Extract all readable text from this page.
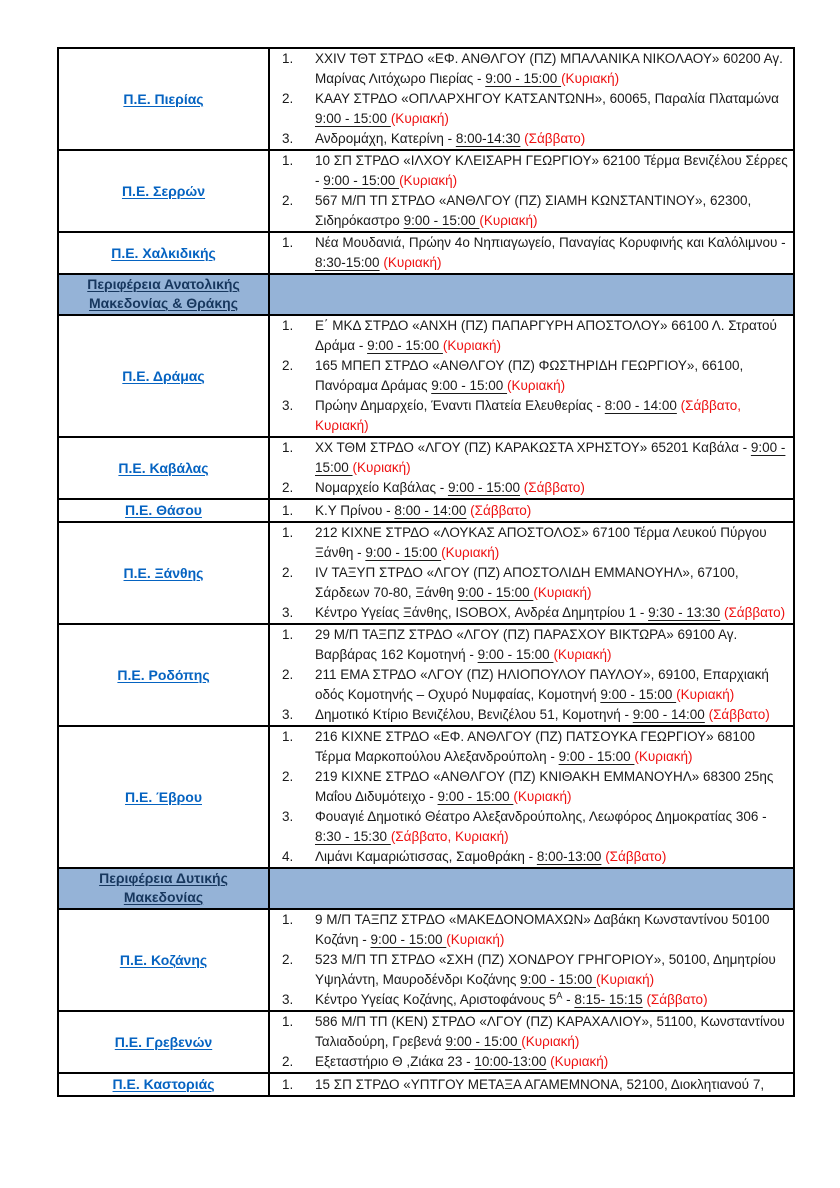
Π.Ε. Πιερίας	
1.	XXIV ΤΘΤ ΣΤΡΔΟ «ΕΦ. ΑΝΘΛΓΟΥ (ΠΖ) ΜΠΑΛΑΝΙΚΑ ΝΙΚΟΛΑΟΥ» 60200 Αγ. Μαρίνας Λιτόχωρο Πιερίας - 9:00 - 15:00 (Κυριακή)
2.	ΚΑΑΥ ΣΤΡΔΟ «ΟΠΛΑΡΧΗΓΟΥ ΚΑΤΣΑΝΤΩΝΗ», 60065, Παραλία Πλαταμώνα 9:00 - 15:00 (Κυριακή)
3.	Ανδρομάχη, Κατερίνη - 8:00-14:30 (Σάββατο)

Π.Ε. Σερρών	1. 10 ΣΠ ΣΤΡΔΟ «ΙΛΧΟΥ ΚΛΕΙΣΑΡΗ ΓΕΩΡΓΙΟΥ» 62100 Τέρμα Βενιζέλου Σέρρες - 9:00 - 15:00 (Κυριακή)
2. 567 Μ/Π ΤΠ ΣΤΡΔΟ «ΑΝΘΛΓΟΥ (ΠΖ) ΣΙΑΜΗ ΚΩΝΣΤΑΝΤΙΝΟΥ», 62300, Σιδηρόκαστρο 9:00 - 15:00 (Κυριακή)

Π.Ε. Χαλκιδικής	1. Νέα Μουδανιά, Πρώην 4ο Νηπιαγωγείο, Παναγίας Κορυφινής και Καλόλιμνου - 8:30-15:00 (Κυριακή)

Περιφέρεια Ανατολικής Μακεδονίας & Θράκης	
Π.Ε. Δράμας	
1.	Ε΄ ΜΚΔ ΣΤΡΔΟ «ΑΝΧΗ (ΠΖ) ΠΑΠΑΡΓΥΡΗ ΑΠΟΣΤΟΛΟΥ» 66100 Λ. Στρατού Δράμα - 9:00 - 15:00 (Κυριακή)
2.	165 ΜΠΕΠ ΣΤΡΔΟ «ΑΝΘΛΓΟΥ (ΠΖ) ΦΩΣΤΗΡΙΔΗ ΓΕΩΡΓΙΟΥ», 66100, Πανόραμα Δράμας 9:00 - 15:00 (Κυριακή)
3.	Πρώην Δημαρχείο, Έναντι Πλατεία Ελευθερίας - 8:00 - 14:00 (Σάββατο, Κυριακή)

Π.Ε. Καβάλας	1. ΧΧ ΤΘΜ ΣΤΡΔΟ «ΛΓΟΥ (ΠΖ) ΚΑΡΑΚΩΣΤΑ ΧΡΗΣΤΟΥ» 65201 Καβάλα - 9:00 - 15:00 (Κυριακή)
2. Νομαρχείο Καβάλας - 9:00 - 15:00 (Σάββατο)

Π.Ε. Θάσου	1. Κ.Υ Πρίνου - 8:00 - 14:00 (Σάββατο)

Π.Ε. Ξάνθης	
1.	212 ΚΙΧΝΕ ΣΤΡΔΟ «ΛΟΥΚΑΣ ΑΠΟΣΤΟΛΟΣ» 67100 Τέρμα Λευκού Πύργου Ξάνθη - 9:00 - 15:00 (Κυριακή)
2.	IV ΤΑΞΥΠ ΣΤΡΔΟ «ΛΓΟΥ (ΠΖ) ΑΠΟΣΤΟΛΙΔΗ ΕΜΜΑΝΟΥΗΛ», 67100, Σάρδεων 70-80, Ξάνθη 9:00 - 15:00 (Κυριακή)
3.	Κέντρο Υγείας Ξάνθης, ISOBOX, Ανδρέα Δημητρίου 1 - 9:30 - 13:30 (Σάββατο)

Π.Ε. Ροδόπης	
1.	29 Μ/Π ΤΑΞΠΖ ΣΤΡΔΟ «ΛΓΟΥ (ΠΖ) ΠΑΡΑΣΧΟΥ ΒΙΚΤΩΡΑ» 69100 Αγ. Βαρβάρας 162 Κομοτηνή - 9:00 - 15:00 (Κυριακή)
2.	211 ΕΜΑ ΣΤΡΔΟ «ΛΓΟΥ (ΠΖ) ΗΛΙΟΠΟΥΛΟΥ ΠΑΥΛΟΥ», 69100, Επαρχιακή οδός Κομοτηνής – Οχυρό Νυμφαίας, Κομοτηνή 9:00 - 15:00 (Κυριακή)
3.	Δημοτικό Κτίριο Βενιζέλου, Βενιζέλου 51, Κομοτηνή - 9:00 - 14:00 (Σάββατο)

Π.Ε. Έβρου	
1.	216 ΚΙΧΝΕ ΣΤΡΔΟ «ΕΦ. ΑΝΘΛΓΟΥ (ΠΖ) ΠΑΤΣΟΥΚΑ ΓΕΩΡΓΙΟΥ» 68100 Τέρμα Μαρκοπούλου Αλεξανδρούπολη - 9:00 - 15:00 (Κυριακή)
2.	219 ΚΙΧΝΕ ΣΤΡΔΟ «ΑΝΘΛΓΟΥ (ΠΖ) ΚΝΙΘΑΚΗ ΕΜΜΑΝΟΥΗΛ» 68300 25ης Μαΐου Διδυμότειχο - 9:00 - 15:00 (Κυριακή)
3.	Φουαγιέ Δημοτικό Θέατρο Αλεξανδρούπολης, Λεωφόρος Δημοκρατίας 306 - 8:30 - 15:30 (Σάββατο, Κυριακή)
4.	Λιμάνι Καμαριώτισσας, Σαμοθράκη - 8:00-13:00 (Σάββατο)

Περιφέρεια Δυτικής Μακεδονίας	
Π.Ε. Κοζάνης	
1.	9 Μ/Π ΤΑΞΠΖ ΣΤΡΔΟ «ΜΑΚΕΔΟΝΟΜΑΧΩΝ» Δαβάκη Κωνσταντίνου 50100 Κοζάνη - 9:00 - 15:00 (Κυριακή)
2.	523 Μ/Π ΤΠ ΣΤΡΔΟ «ΣΧΗ (ΠΖ) ΧΟΝΔΡΟΥ ΓΡΗΓΟΡΙΟΥ», 50100, Δημητρίου Υψηλάντη, Μαυροδένδρι Κοζάνης 9:00 - 15:00 (Κυριακή)
3.	Κέντρο Υγείας Κοζάνης, Αριστοφάνους $5^A$ - 8:15- 15:15 (Σάββατο)

Π.Ε. Γρεβενών	1. 586 Μ/Π ΤΠ (ΚΕΝ) ΣΤΡΔΟ «ΛΓΟΥ (ΠΖ) ΚΑΡΑΧΑΛΙΟΥ», 51100, Κωνσταντίνου Ταλιαδούρη, Γρεβενά 9:00 - 15:00 (Κυριακή)
2. Εξεταστήριο Θ ,Ζιάκα 23 - 10:00-13:00 (Κυριακή)

Π.Ε. Καστοριάς	1. 15 ΣΠ ΣΤΡΔΟ «ΥΠΤΓΟΥ ΜΕΤΑΞΑ ΑΓΑΜΕΜΝΟΝΑ, 52100, Διοκλητιανού 7,
